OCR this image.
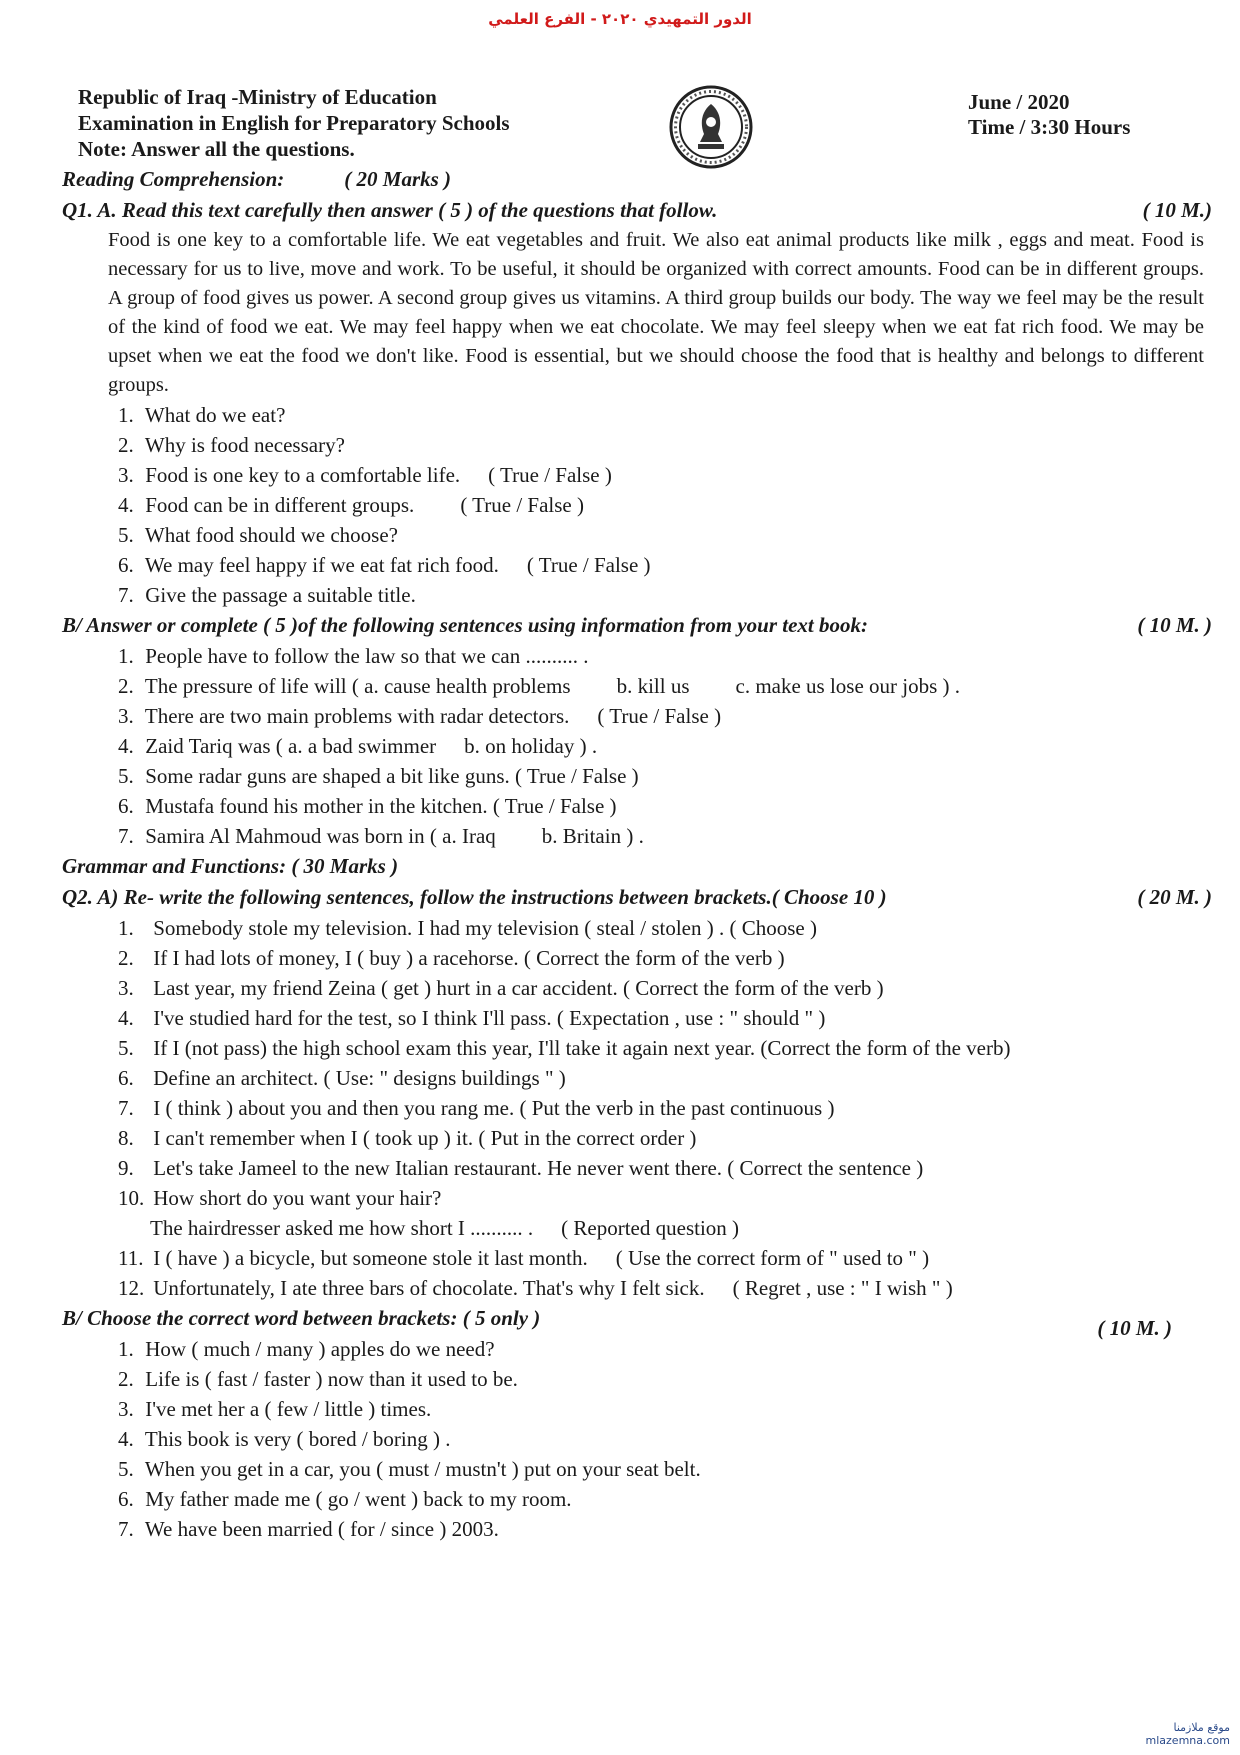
الدور التمهيدي ٢٠٢٠ - الفرع العلمي
Republic of Iraq -Ministry of Education
Examination in English for Preparatory Schools
Note: Answer all the questions.
June / 2020
Time / 3:30 Hours
Reading Comprehension:	( 20 Marks )
Q1. A. Read this text carefully then answer ( 5 ) of the questions that follow.	( 10 M.)
Food is one key to a comfortable life. We eat vegetables and fruit. We also eat animal products like milk , eggs and meat. Food is necessary for us to live, move and work. To be useful, it should be organized with correct amounts. Food can be in different groups. A group of food gives us power. A second group gives us vitamins. A third group builds our body. The way we feel may be the result of the kind of food we eat. We may feel happy when we eat chocolate. We may feel sleepy when we eat fat rich food. We may be upset when we eat the food we don't like. Food is essential, but we should choose the food that is healthy and belongs to different groups.
1. What do we eat?
2. Why is food necessary?
3. Food is one key to a comfortable life. ( True / False )
4. Food can be in different groups. ( True / False )
5. What food should we choose?
6. We may feel happy if we eat fat rich food. ( True / False )
7. Give the passage a suitable title.
B/ Answer or complete ( 5 )of the following sentences using information from your text book:	( 10 M. )
1. People have to follow the law so that we can .......... .
2. The pressure of life will ( a. cause health problems b. kill us c. make us lose our jobs ) .
3. There are two main problems with radar detectors. ( True / False )
4. Zaid Tariq was ( a. a bad swimmer b. on holiday ) .
5. Some radar guns are shaped a bit like guns. ( True / False )
6. Mustafa found his mother in the kitchen. ( True / False )
7. Samira Al Mahmoud was born in ( a. Iraq b. Britain ) .
Grammar and Functions: ( 30 Marks )
Q2. A) Re- write the following sentences, follow the instructions between brackets.( Choose 10 )	( 20 M. )
1. Somebody stole my television. I had my television ( steal / stolen ) . ( Choose )
2. If I had lots of money, I ( buy ) a racehorse. ( Correct the form of the verb )
3. Last year, my friend Zeina ( get ) hurt in a car accident. ( Correct the form of the verb )
4. I've studied hard for the test, so I think I'll pass. ( Expectation , use : " should " )
5. If I (not pass) the high school exam this year, I'll take it again next year. (Correct the form of the verb)
6. Define an architect. ( Use: " designs buildings " )
7. I ( think ) about you and then you rang me. ( Put the verb in the past continuous )
8. I can't remember when I ( took up ) it. ( Put in the correct order )
9. Let's take Jameel to the new Italian restaurant. He never went there. ( Correct the sentence )
10. How short do you want your hair?
The hairdresser asked me how short I .......... . ( Reported question )
11. I ( have ) a bicycle, but someone stole it last month. ( Use the correct form of " used to " )
12. Unfortunately, I ate three bars of chocolate. That's why I felt sick. ( Regret , use : " I wish " )
B/ Choose the correct word between brackets: ( 5 only )	( 10 M. )
1. How ( much / many ) apples do we need?
2. Life is ( fast / faster ) now than it used to be.
3. I've met her a ( few / little ) times.
4. This book is very ( bored / boring ) .
5. When you get in a car, you ( must / mustn't ) put on your seat belt.
6. My father made me ( go / went ) back to my room.
7. We have been married ( for / since ) 2003.
موقع ملازمنا
mlazemna.com
